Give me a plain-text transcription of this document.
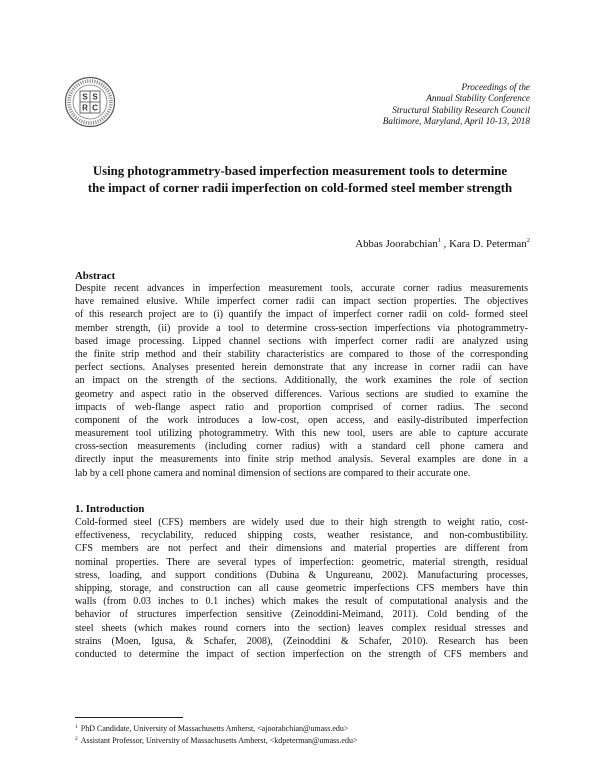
S S
R C
Proceedings of the
Annual Stability Conference
Structural Stability Research Council
Baltimore, Maryland, April 10-13, 2018
Using photogrammetry-based imperfection measurement tools to determine
the impact of corner radii imperfection on cold-formed steel member strength
Abbas Joorabchian$^1$ , Kara D. Peterman$^2$
Abstract
Despite recent advances in imperfection measurement tools, accurate corner radius measurements
have remained elusive. While imperfect corner radii can impact section properties. The objectives
of this research project are to (i) quantify the impact of imperfect corner radii on cold- formed steel
member strength, (ii) provide a tool to determine cross-section imperfections via photogrammetry-
based image processing. Lipped channel sections with imperfect corner radii are analyzed using
the finite strip method and their stability characteristics are compared to those of the corresponding
perfect sections. Analyses presented herein demonstrate that any increase in corner radii can have
an impact on the strength of the sections. Additionally, the work examines the role of section
geometry and aspect ratio in the observed differences. Various sections are studied to examine the
impacts of web-flange aspect ratio and proportion comprised of corner radius. The second
component of the work introduces a low-cost, open access, and easily-distributed imperfection
measurement tool utilizing photogrammetry. With this new tool, users are able to capture accurate
cross-section measurements (including corner radius) with a standard cell phone camera and
directly input the measurements into finite strip method analysis. Several examples are done in a
lab by a cell phone camera and nominal dimension of sections are compared to their accurate one.
1. Introduction
Cold-formed steel (CFS) members are widely used due to their high strength to weight ratio, cost-
effectiveness, recyclability, reduced shipping costs, weather resistance, and non-combustibility.
CFS members are not perfect and their dimensions and material properties are different from
nominal properties. There are several types of imperfection: geometric, material strength, residual
stress, loading, and support conditions (Dubina & Ungureanu, 2002). Manufacturing processes,
shipping, storage, and construction can all cause geometric imperfections CFS members have thin
walls (from 0.03 inches to 0.1 inches) which makes the result of computational analysis and the
behavior of structures imperfection sensitive (Zeinoddini-Meimand, 2011). Cold bending of the
steel sheets (which makes round corners into the section) leaves complex residual stresses and
strains (Moen, Igusa, & Schafer, 2008), (Zeinoddini & Schafer, 2010). Research has been
conducted to determine the impact of section imperfection on the strength of CFS members and
$^1$ PhD Candidate, University of Massachusetts Amherst, <ajoorabchian@umass.edu>
$^2$ Assistant Professor, University of Massachusetts Amherst, <kdpeterman@umass.edu>
